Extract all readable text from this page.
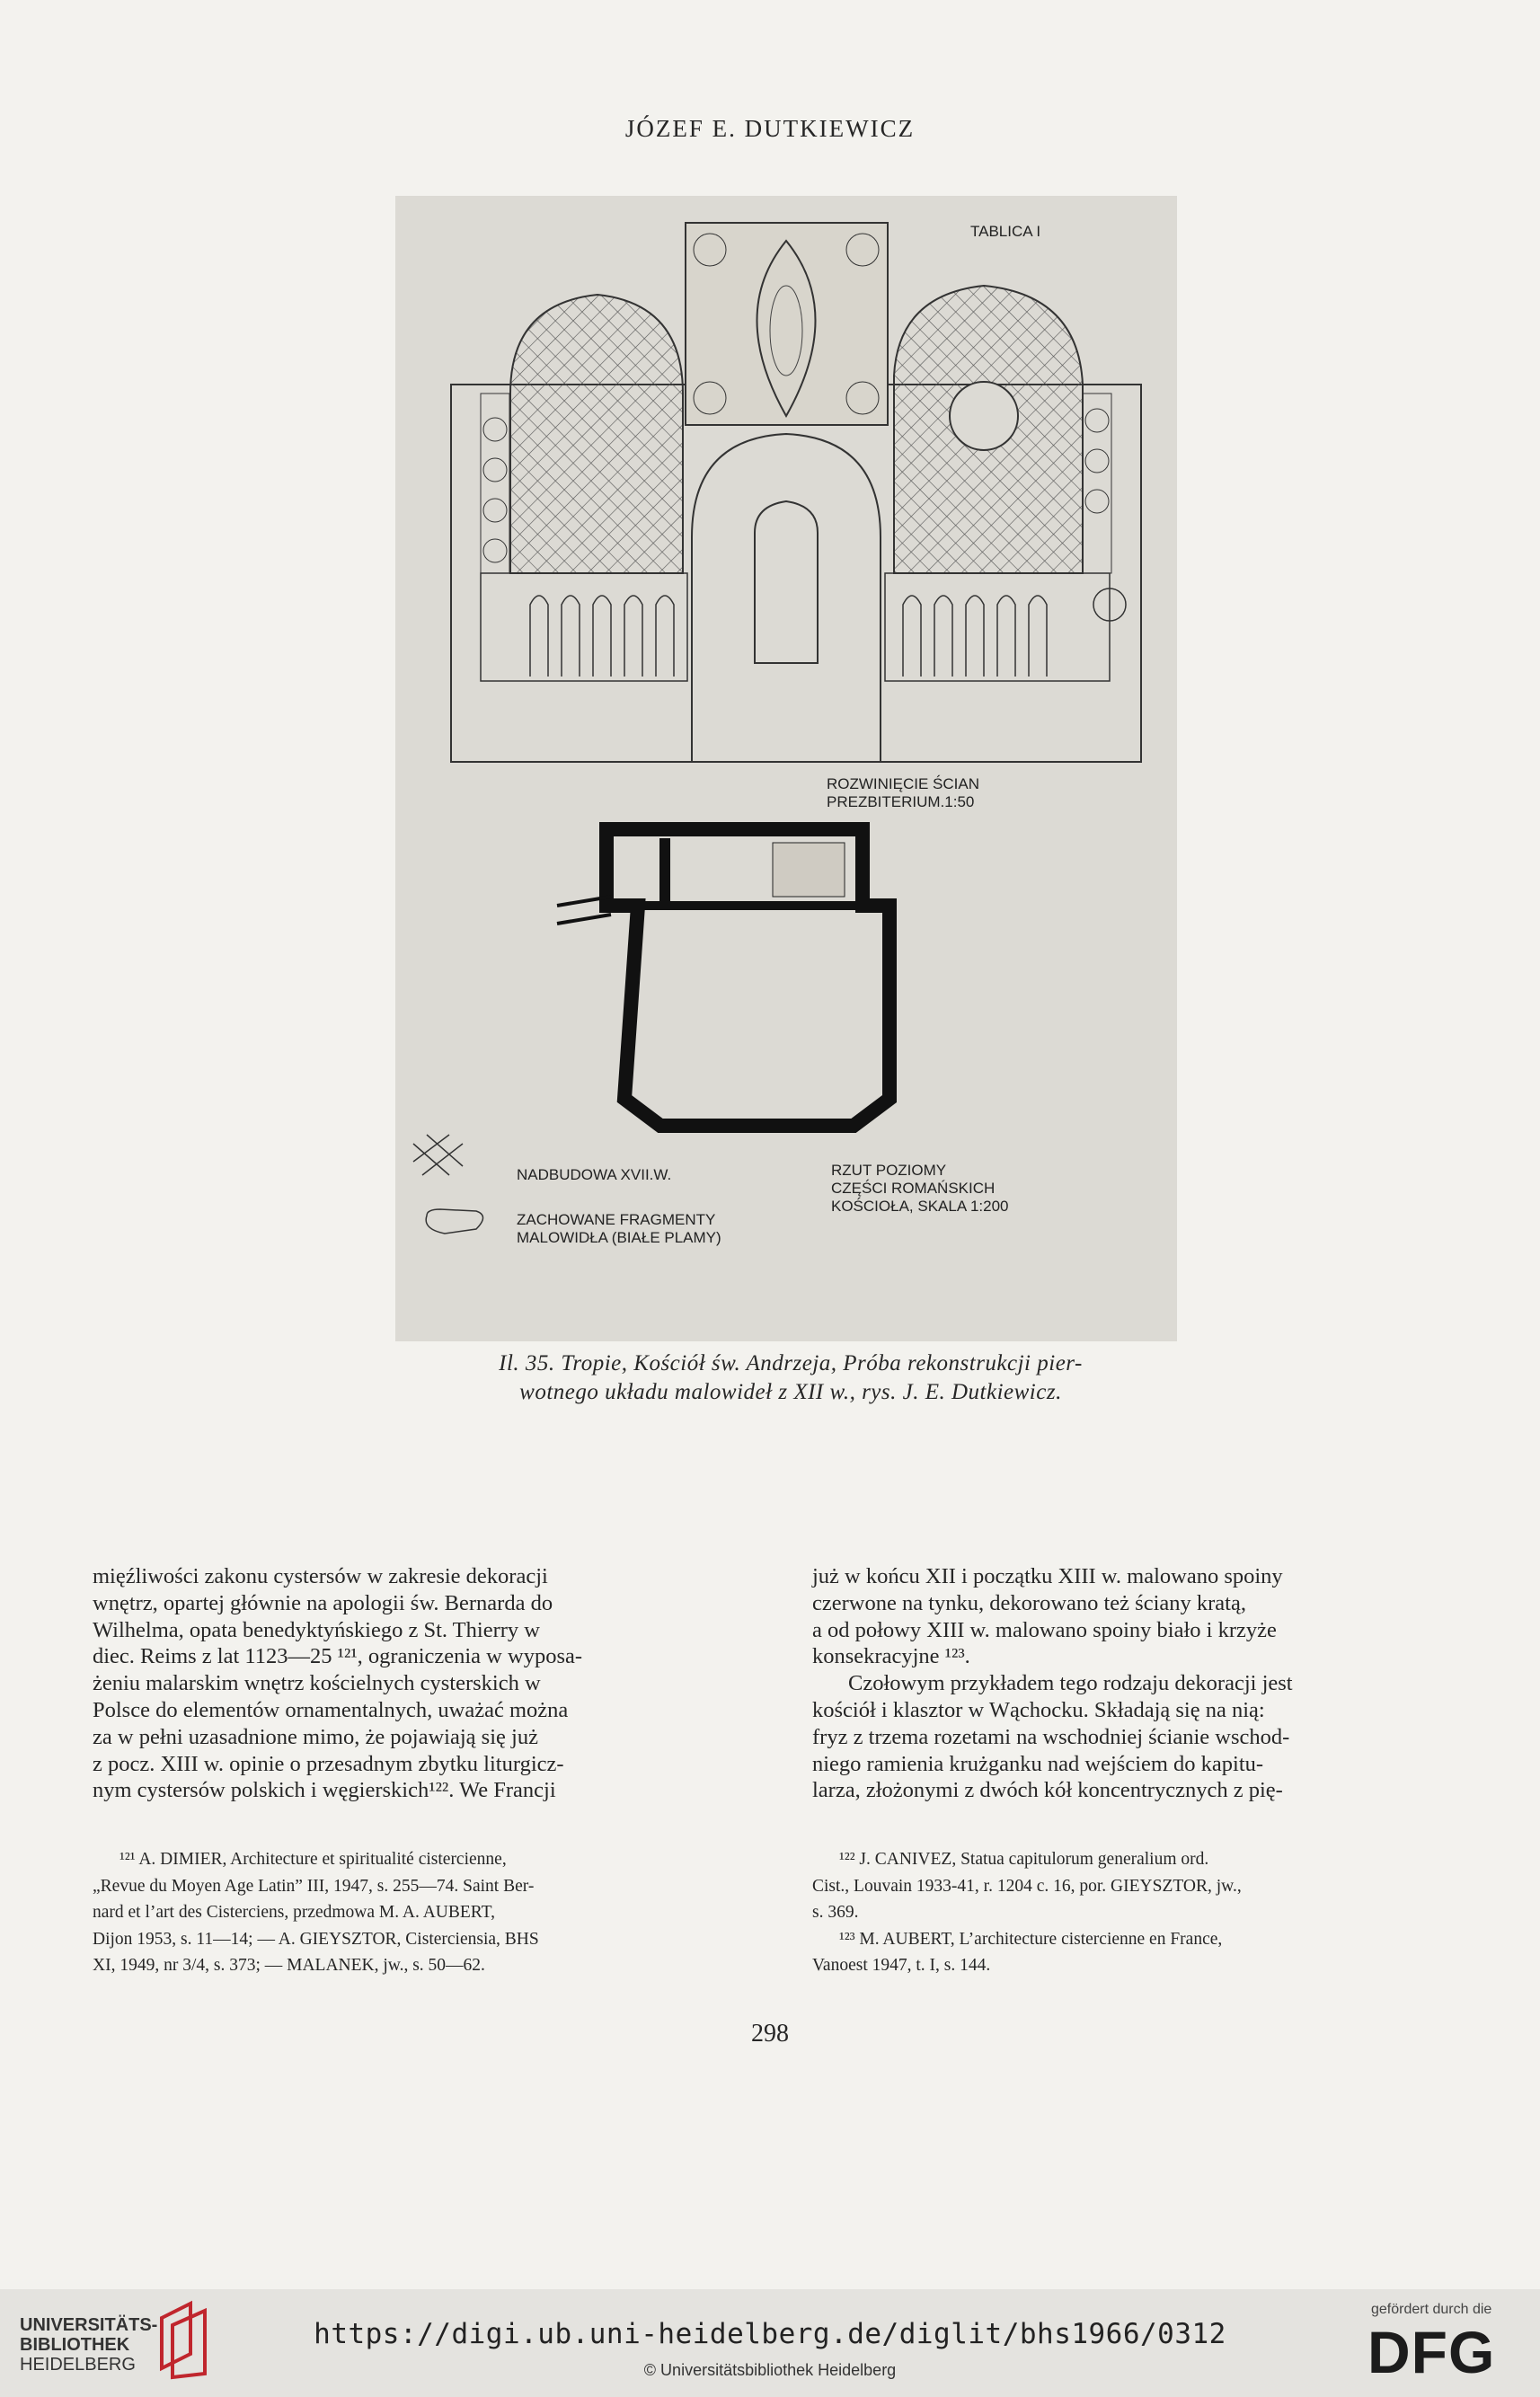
JÓZEF E. DUTKIEWICZ
TABLICA I
ROZWINIĘCIE ŚCIAN
PREZBITERIUM.1:50
NADBUDOWA XVII.W.
ZACHOWANE FRAGMENTY
MALOWIDŁA (BIAŁE PLAMY)
RZUT POZIOMY
CZĘŚCI ROMAŃSKICH
KOŚCIOŁA, SKALA 1:200
Il. 35. Tropie, Kościół św. Andrzeja, Próba rekonstrukcji pier-
wotnego układu malowideł z XII w., rys. J. E. Dutkiewicz.
mięźliwości zakonu cystersów w zakresie dekoracji
wnętrz, opartej głównie na apologii św. Bernarda do
Wilhelma, opata benedyktyńskiego z St. Thierry w
diec. Reims z lat 1123—25 ¹²¹, ograniczenia w wyposa-
żeniu malarskim wnętrz kościelnych cysterskich w
Polsce do elementów ornamentalnych, uważać można
za w pełni uzasadnione mimo, że pojawiają się już
z pocz. XIII w. opinie o przesadnym zbytku liturgicz-
nym cystersów polskich i węgierskich¹²². We Francji
już w końcu XII i początku XIII w. malowano spoiny
czerwone na tynku, dekorowano też ściany kratą,
a od połowy XIII w. malowano spoiny biało i krzyże
konsekracyjne ¹²³.
Czołowym przykładem tego rodzaju dekoracji jest
kościół i klasztor w Wąchocku. Składają się na nią:
fryz z trzema rozetami na wschodniej ścianie wschod-
niego ramienia krużganku nad wejściem do kapitu-
larza, złożonymi z dwóch kół koncentrycznych z pię-
¹²¹ A. DIMIER, Architecture et spiritualité cistercienne,
„Revue du Moyen Age Latin” III, 1947, s. 255—74. Saint Ber-
nard et l’art des Cisterciens, przedmowa M. A. AUBERT,
Dijon 1953, s. 11—14; — A. GIEYSZTOR, Cisterciensia, BHS
XI, 1949, nr 3/4, s. 373; — MALANEK, jw., s. 50—62.
¹²² J. CANIVEZ, Statua capitulorum generalium ord.
Cist., Louvain 1933-41, r. 1204 c. 16, por. GIEYSZTOR, jw.,
s. 369.
¹²³ M. AUBERT, L’architecture cistercienne en France,
Vanoest 1947, t. I, s. 144.
298
UNIVERSITÄTS-
BIBLIOTHEK
HEIDELBERG
https://digi.ub.uni-heidelberg.de/diglit/bhs1966/0312
© Universitätsbibliothek Heidelberg
gefördert durch die
DFG
